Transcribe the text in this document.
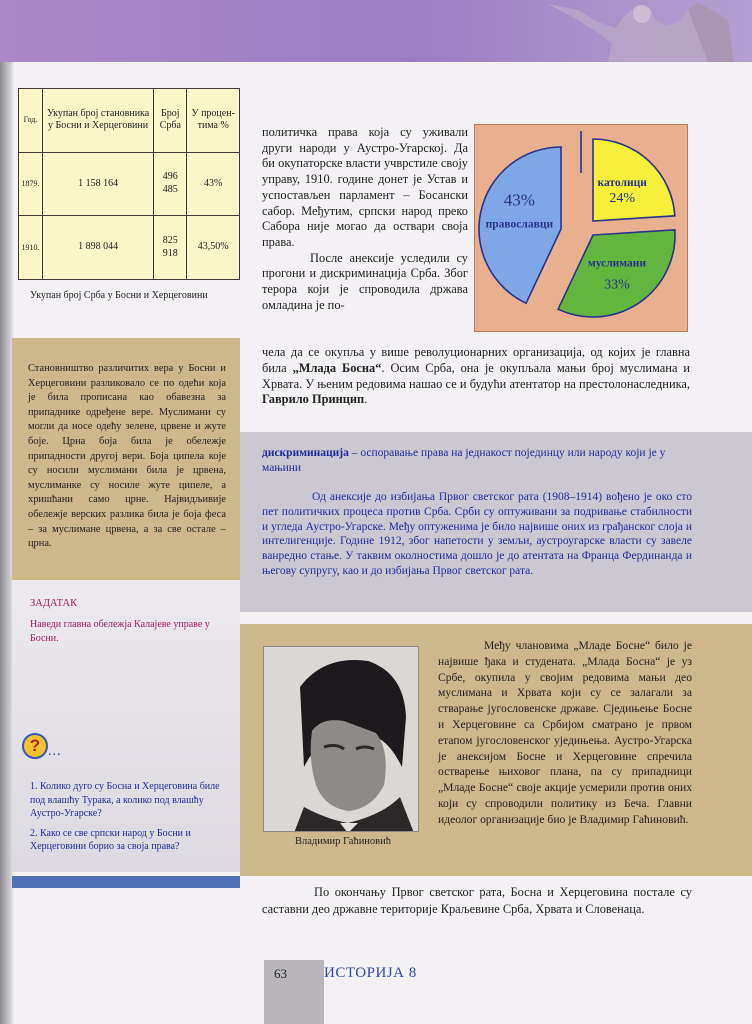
Год.	Укупан број становника у Босни и Херцеговини	Број Срба	У процен-тима %
1879.	1 158 164	496 485	43%
1910.	1 898 044	825 918	43,50%
Укупан број Срба у Босни и Херцеговини
Становништво различитих вера у Босни и Херцеговини разликовало се по одећи која је била прописана као обавезна за припаднике одређене вере. Муслимани су могли да носе одећу зелене, црвене и жуте боје. Црна боја била је обележје припадности другој вери. Боја ципела које су носили муслимани била је црвена, муслиманке су носиле жуте ципеле, а хришћани само црне. Највидљивије обележје верских разлика била је боја феса – за муслимане црвена, а за све остале – црна.
ЗАДАТАК
Наведи главна обележја Калајеве управе у Босни.
? ...

1. Колико дуго су Босна и Херцеговина биле под влашћу Турака, а колико под влашћу Аустро-Угарске?

2. Како се све српски народ у Босни и Херцеговини борио за своја права?

политичка права која су уживали други народи у Аустро-Угарској. Да би окупаторске власти учврстиле своју управу, 1910. године донет је Устав и успостављен парламент – Босански сабор. Међутим, српски народ преко Сабора није могао да оствари своја права.

После анексије уследили су прогони и дискриминација Срба. Због терора који је спроводила држава омладина је по-

чела да се окупља у више револуционарних организација, од којих је главна била „Млада Босна“. Осим Срба, она је окупљала мањи број муслимана и Хрвата. У њеним редовима нашао се и будући атентатор на престолонаследника, Гаврило Принцип.
43%
православци
24%
католици
33%
муслимани
дискриминација – оспоравање права на једнакост појединцу или народу који је у мањини
Од анексије до избијања Првог светског рата (1908–1914) вођено је око сто пет политичких процеса против Срба. Срби су оптуживани за подривање стабилности и угледа Аустро-Угарске. Међу оптуженима је било највише оних из грађанског слоја и интелигенције. Године 1912, због напетости у земљи, аустроугарске власти су завеле ванредно стање. У таквим околностима дошло је до атентата на Франца Фердинанда и његову супругу, као и до избијања Првог светског рата.
Владимир Гаћиновић
Међу члановима „Младе Босне“ било је највише ђака и студената. „Млада Босна“ је уз Србе, окупила у својим редовима мањи део муслимана и Хрвата који су се залагали за стварање југословенске државе. Сједињење Босне и Херцеговине са Србијом сматрано је првом етапом југословенског уједињења. Аустро-Угарска је анексијом Босне и Херцеговине спречила остварење њиховог плана, па су припадници „Младе Босне“ своје акције усмерили против оних који су спроводили политику из Беча. Главни идеолог организације био је Владимир Гаћиновић.
По окончању Првог светског рата, Босна и Херцеговина постале су саставни део државне територије Краљевине Срба, Хрвата и Словенаца.
63 ИСТОРИЈА 8
